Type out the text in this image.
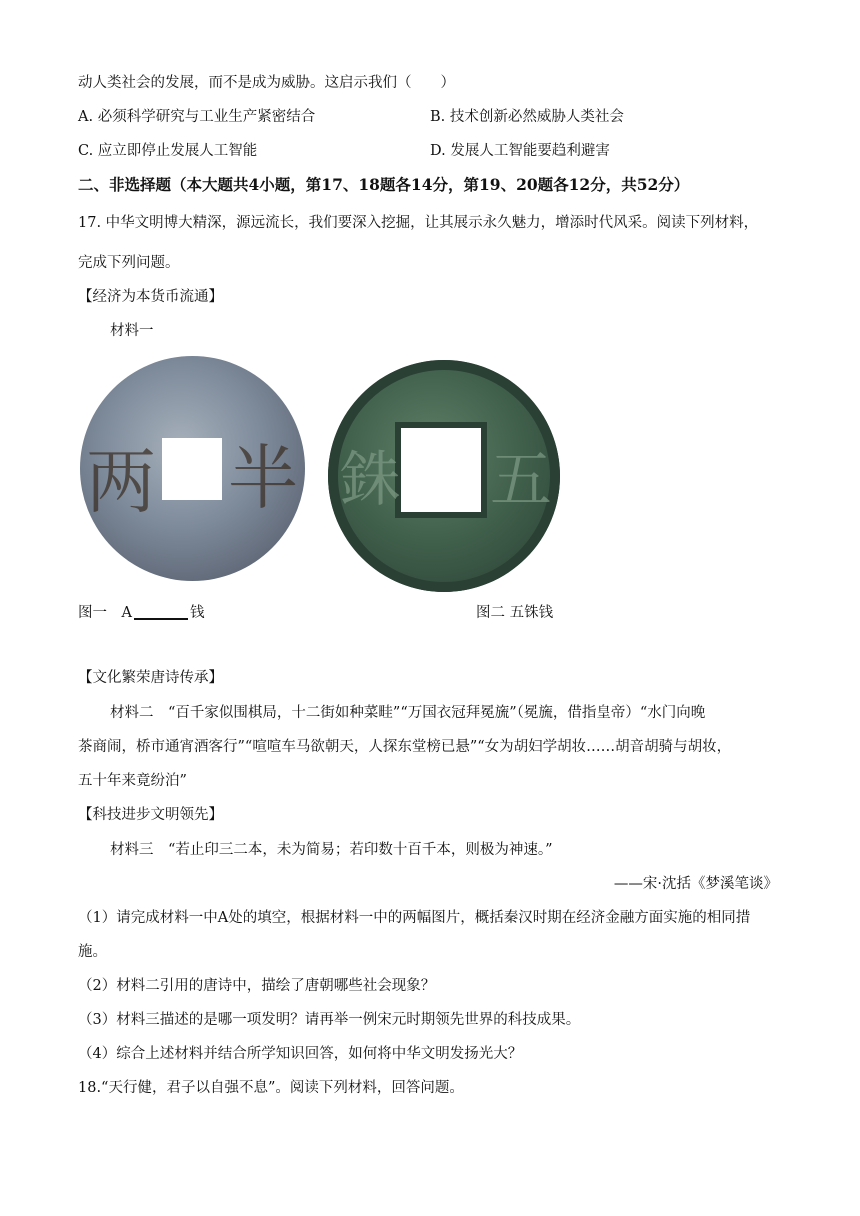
动人类社会的发展，而不是成为威胁。这启示我们（　　）
A. 必须科学研究与工业生产紧密结合	B. 技术创新必然威胁人类社会
C. 应立即停止发展人工智能	D. 发展人工智能要趋利避害
二、非选择题（本大题共4小题，第17、18题各14分，第19、20题各12分，共52分）
17. 中华文明博大精深，源远流长，我们要深入挖掘，让其展示永久魅力，增添时代风采。阅读下列材料，
完成下列问题。
【经济为本货币流通】
材料一
两 半 銖 五
图一　A	钱	图二 五铢钱
【文化繁荣唐诗传承】
材料二　“百千家似围棋局，十二街如种菜畦”“万国衣冠拜冕旒”（冕旒，借指皇帝）“水门向晚
茶商闹，桥市通宵酒客行”“喧喧车马欲朝天，人探东堂榜已悬”“女为胡妇学胡妆……胡音胡骑与胡妆，
五十年来竟纷泊”
【科技进步文明领先】
材料三　“若止印三二本，未为简易；若印数十百千本，则极为神速。”
——宋·沈括《梦溪笔谈》
（1）请完成材料一中A处的填空，根据材料一中的两幅图片，概括秦汉时期在经济金融方面实施的相同措
施。
（2）材料二引用的唐诗中，描绘了唐朝哪些社会现象？
（3）材料三描述的是哪一项发明？请再举一例宋元时期领先世界的科技成果。
（4）综合上述材料并结合所学知识回答，如何将中华文明发扬光大？
18.“天行健，君子以自强不息”。阅读下列材料，回答问题。
